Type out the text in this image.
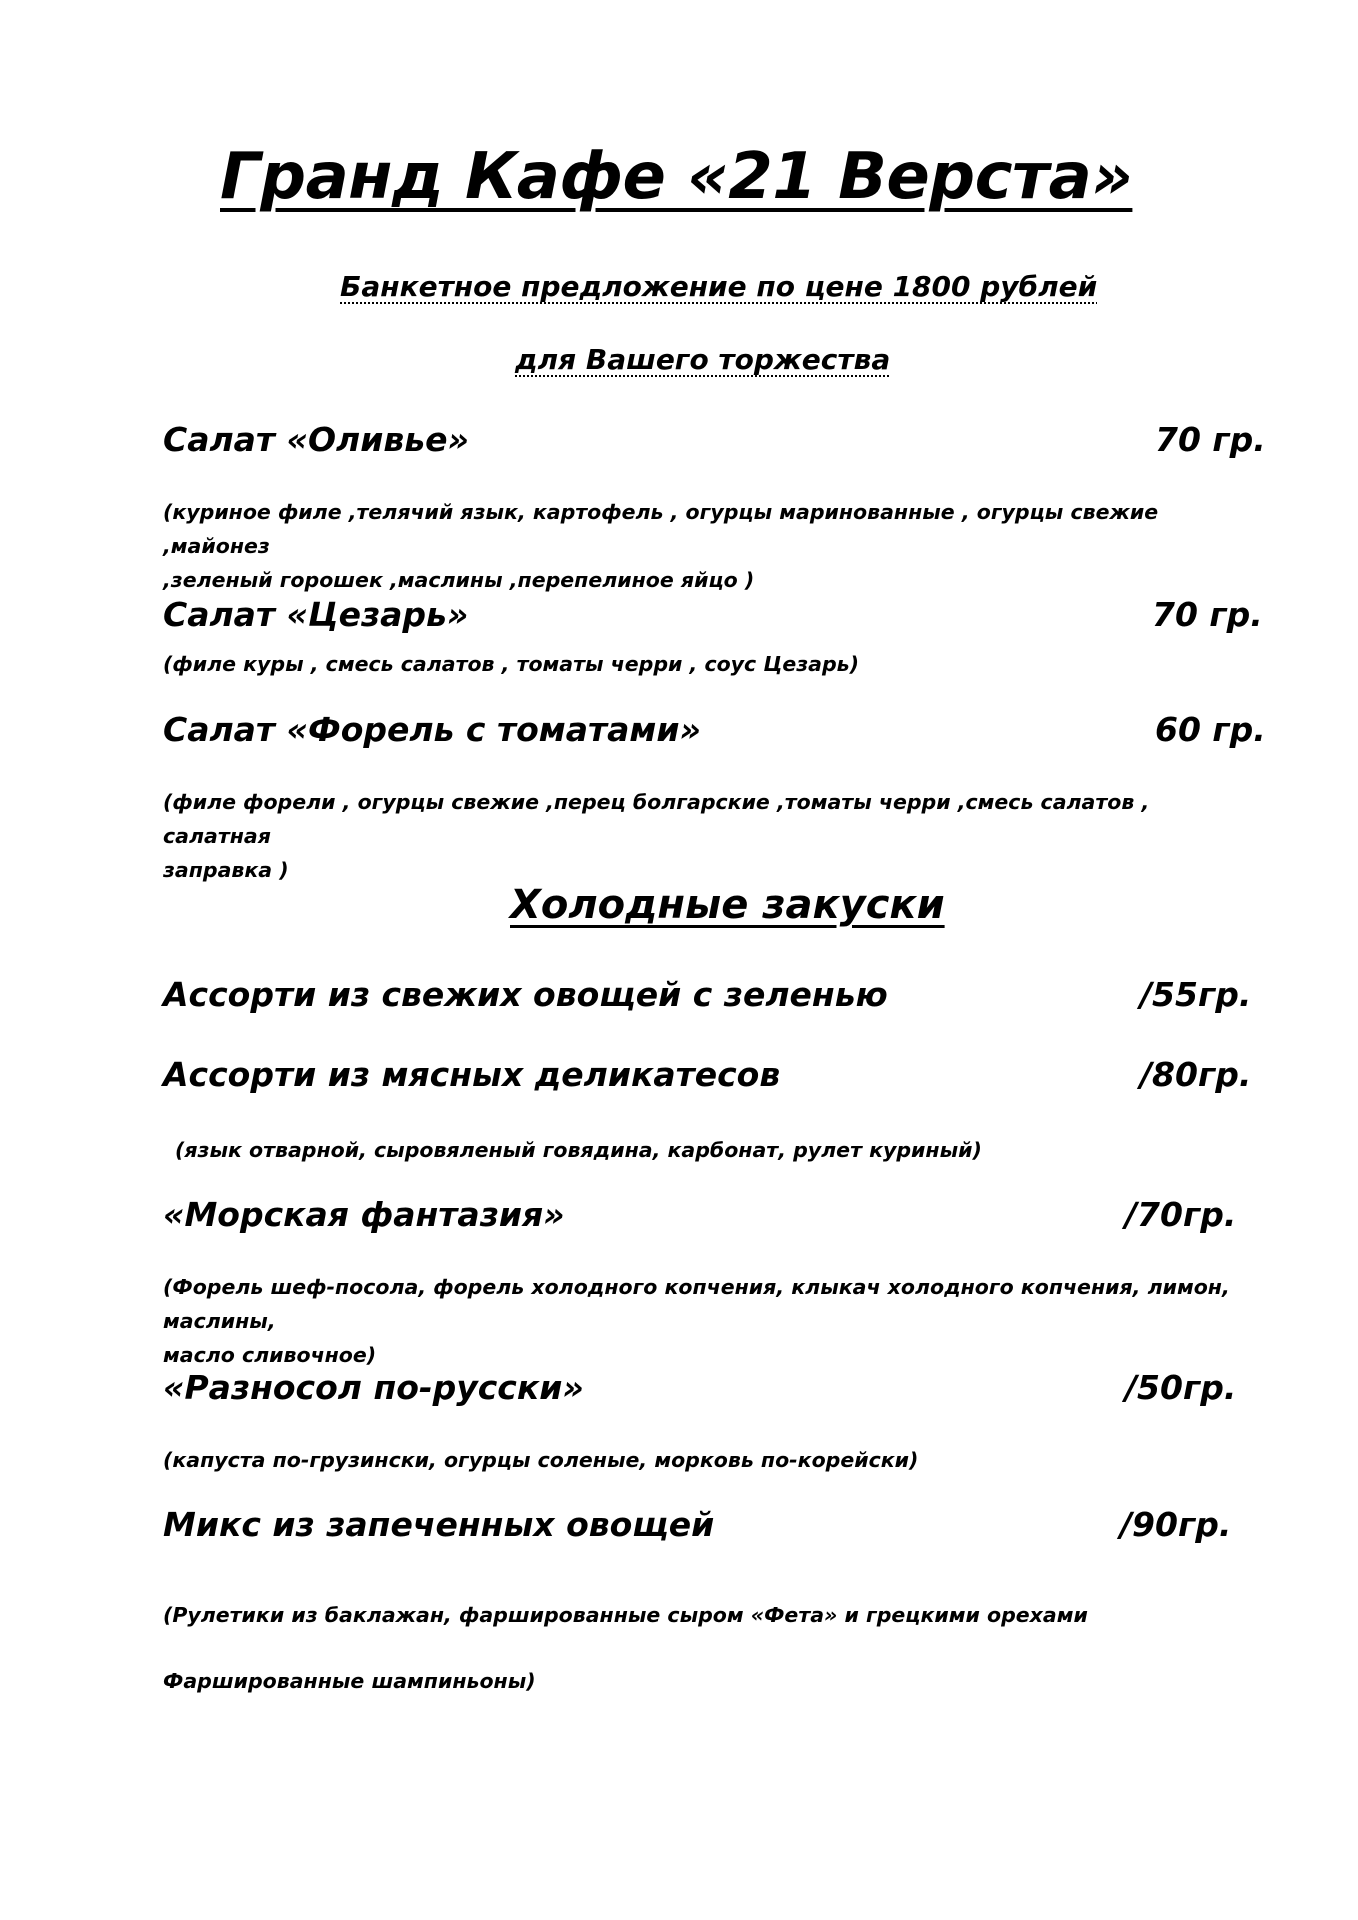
Гранд Кафе «21 Верста»
Банкетное предложение по цене 1800 рублей
для Вашего торжества
Салат «Оливье»	70 гр.
(куриное филе ,телячий язык, картофель , огурцы маринованные , огурцы свежие ,майонез
,зеленый горошек ,маслины ,перепелиное яйцо )
Салат «Цезарь»	70 гр.
(филе куры , смесь салатов , томаты черри , соус Цезарь)
Салат «Форель с томатами»	60 гр.
(филе форели , огурцы свежие ,перец болгарские ,томаты черри ,смесь салатов , салатная
заправка )
Холодные закуски
Ассорти из свежих овощей с зеленью	/55гр.
Ассорти из мясных деликатесов	/80гр.
(язык отварной, сыровяленый говядина, карбонат, рулет куриный)
«Морская фантазия»	/70гр.
(Форель шеф-посола, форель холодного копчения, клыкач холодного копчения, лимон, маслины,
масло сливочное)
«Разносол по-русски»	/50гр.
(капуста по-грузински, огурцы соленые, морковь по-корейски)
Микс из запеченных овощей	/90гр.
(Рулетики из баклажан, фаршированные сыром «Фета» и грецкими орехами
Фаршированные шампиньоны)
